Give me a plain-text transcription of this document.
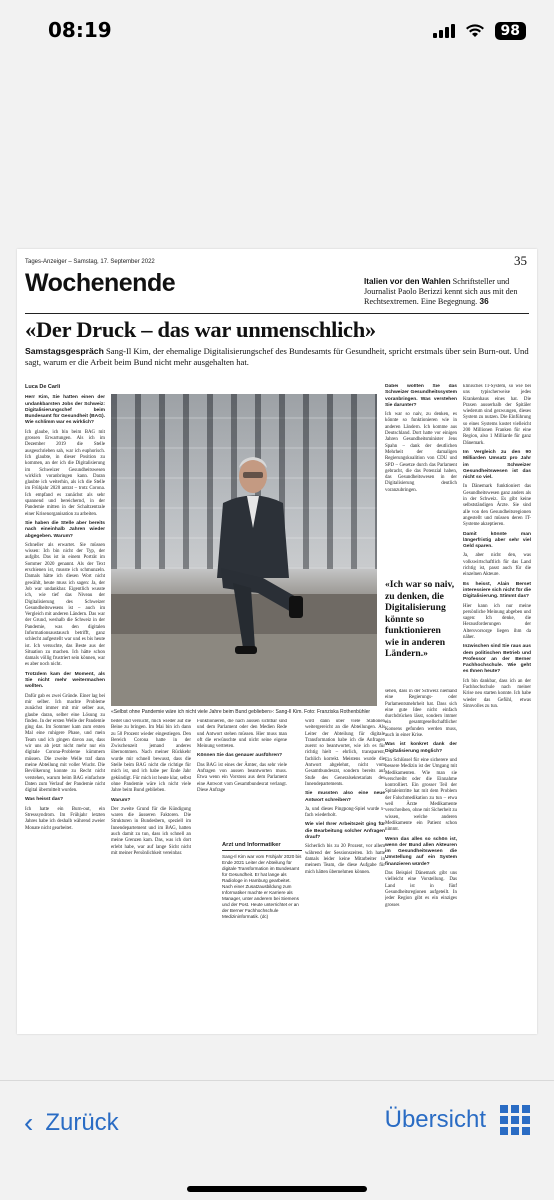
08:19	98
Tages-Anzeiger – Samstag, 17. September 2022	35
Wochenende	Italien vor den Wahlen Schriftsteller und Journalist Paolo Berizzi kennt sich aus mit den Rechtsextremen. Eine Begegnung. 36
«Der Druck – das war unmenschlich»
Samstagsgespräch Sang-Il Kim, der ehemalige Digitalisierungschef des Bundesamts für Gesundheit, spricht erstmals über sein Burn-out. Und sagt, warum er die Arbeit beim Bund nicht mehr ausgehalten hat.
Luca De Carli

Herr Kim, Sie hatten einen der undankbarsten Jobs der Schweiz: Digitalisierungschef beim Bundesamt für Gesundheit (BAG). Wie schlimm war es wirklich?

Ich glaube, ich bin beim BAG mit grossen Erwartungen. Als ich im Dezember 2019 die Stelle ausgeschrieben sah, war ich euphorisch. Ich glaubte, in dieser Position zu kommen, an der ich die Digitalisierung im Schweizer Gesundheitswesen wirklich voranbringen kann. Daran glaubte ich weiterhin, als ich die Stelle im Frühjahr 2020 antrat – trotz Corona. Ich empfand es zunächst als sehr spannend und bereichernd, in der Pandemie mitten in der Schaltzentrale einer Krisenorganisation zu arbeiten.

Sie haben die Stelle aber bereits nach eineinhalb Jahren wieder abgegeben. Warum?

Schneller als erwartet. Sie müssen wissen: Ich bin nicht der Typ, der aufgibt. Das ist in einem Porträt im Sommer 2020 genannt. Als der Text erschienen ist, musste ich schmunzeln. Damals hätte ich diesen Wort nicht gewählt, heute muss ich sagen: Ja, der Job war undankbar. Eigentlich wusste ich, wie tief das Niveau der Digitalisierung des Schweizer Gesundheitswesens ist – auch im Vergleich mit anderen Ländern. Das war der Grund, weshalb die Schweiz in der Pandemie, was den digitalen Informationsaustausch betrifft, ganz schlecht aufgestellt war und es bis heute ist. Ich versuchte, das Beste aus der Situation zu machen. Ich hätte schon damals völlig frustriert sein können, war es aber noch nicht.

Trotzdem kam der Moment, als Sie nicht mehr weitermachen wollten.

Dafür gab es zwei Gründe. Einer lag bei mir selber. Ich machte Probleme zunächst immer mit mir selber aus, glaube daran, selber eine Lösung zu finden. In der ersten Welle der Pandemie ging das. Im Sommer kam zum ersten Mal eine ruhigere Phase, und mein Team und ich gingen davon aus, dass wir uns ab jetzt nicht mehr nur ein digitale Corona-Probleme kümmern müssen. Die zweite Welle traf dann meine Abteilung mit voller Wucht. Die Bevölkerung konnte zu Recht nicht verstehen, warum beim BAG einfachste Daten zum Verlauf der Pandemie nicht digital übermittelt wurden.

Was heisst das?

Ich hatte ein Burn-out, ein Stresssyndrom. Im Frühjahr letzten Jahres habe ich deshalb während zweier Monate nicht gearbeitet.

«Selbst ohne Pandemie wäre ich nicht viele Jahre beim Bund geblieben»: Sang-Il Kim. Foto: Franziska Rothenbühler

beitet und versucht, mich wieder auf die Beine zu bringen. Im Mai bin ich dann zu 50 Prozent wieder eingestiegen. Den Bereich Corona hatte in der Zwischenzeit jemand anderes übernommen. Nach meiner Rückkehr wurde mir schnell bewusst, dass die Stelle beim BAG nicht die richtige für mich ist, und ich habe per Ende Jahr gekündigt. Für mich ist heute klar, selbst ohne Pandemie wäre ich nicht viele Jahre beim Bund geblieben.

Warum?

Der zweite Grund für die Kündigung waren die äusseren Faktoren. Die Strukturen in Bundesbern, speziell im Innendepartement und im BAG, hatten auch damit zu tun, dass ich schnell an meine Grenzen kam. Das, was ich dort erlebt habe, war auf lange Sicht nicht mit meiner Persönlichkeit vereinbar.

Funktionieren, die nach aussen sichtbar sind und dem Parlament oder den Medien Rede und Antwort stehen müssen. Hier muss man oft die erwünschte und nicht seine eigene Meinung vertreten.

Können Sie das genauer ausführen?

Das BAG ist eines der Ämter, das sehr viele Anfragen von aussen beantworten muss. Etwa wenn ein Vorstoss aus dem Parlament eine Antwort vom Gesamtbundesrat verlangt. Diese Anfrage

Arzt und Informatiker
Sang-Il Kim war vom Frühjahr 2020 bis Ende 2021 Leiter der Abteilung für digitale Transformation im Bundesamt für Gesundheit. Er hat lange als Radiologe in Hamburg gearbeitet. Nach einer Zusatzausbildung zum Informatiker machte er Karriere als Manager, unter anderem bei Siemens und der Post. Heute unterrichtet er an der Berner Fachhochschule Medizininformatik. (dc)

wird dann über viele Stationen weitergereicht an die Abteilungen. Als Leiter der Abteilung für digitale Transformation habe ich die Anfragen zuerst so beantwortet, wie ich es für richtig hielt – ehrlich, transparent, fachlich korrekt. Meistens wurde die Antwort abgelehnt, nicht vom Gesamtbundesrat, sondern bereits auf Stufe des Generalsekretariats des Innendepartements.

Sie mussten also eine neue Antwort schreiben?

Ja, und dieses Pingpong-Spiel wurde x-fach wiederholt.

Wie viel Ihrer Arbeitszeit ging für die Bearbeitung solcher Anfragen drauf?

Sicherlich bis zu 20 Prozent, vor allem während der Sessionszeiten. Ich hatte damals leider keine Mitarbeiter in meinem Team, die diese Aufgabe für mich hätten übernehmen können.

Dabei wollten Sie das Schweizer Gesundheitssystem voranbringen. Was verstehen Sie darunter?

Ich war so naiv, zu denken, es könnte so funktionieren wie in anderen Ländern. Ich komme aus Deutschland. Dort hatte vor einigen Jahren Gesundheitsminister Jens Spahn – dank der deutlichen Mehrheit der damaligen Regierungskoalition von CDU und SPD – Gesetze durch das Parlament gebracht, die das Potenzial haben, das Gesundheitswesen in der Digitalisierung deutlich voranzubringen.

«Ich war so naiv, zu denken, die Digitalisierung könnte so funktionieren wie in anderen Ländern.»

sehen, dass in der Schweiz niemand eine Regierungs- oder Parlamentsmehrheit hat. Dass sich eine gute Idee nicht einfach durchdrücken lässt, sondern immer ein gesamtgesellschaftlicher Konsens gefunden werden muss, auch in einer Krise.

Was ist konkret dank der Digitalisierung möglich?

Ein Schlüssel für eine sicherere und bessere Medizin ist der Umgang mit Medikamenten. Wie man sie verschreibt oder die Einnahme kontrolliert. Ein grosser Teil der Spitaleintritte hat mit dem Problem der Falschmedikation zu tun – etwa weil Ärzte Medikamente verschreiben, ohne mit Sicherheit zu wissen, welche anderen Medikamente ein Patient schon nimmt.

Wenn das alles so schön ist, wenn der Bund allen Akteuren im Gesundheitswesen die Umstellung auf ein System finanzieren würde?

Das Beispiel Dänemark gibt uns vielleicht eine Vorstellung. Das Land ist in fünf Gesundheitsregionen aufgeteilt. In jeder Region gibt es ein einziges grosses

klinisches IT-System, so wie bei uns typischerweise jedes Krankenhaus eines hat. Die Praxen ausserhalb der Spitäler wiederum sind gezwungen, dieses System zu nutzen. Die Einführung so eines Systems kostet vielleicht 200 Millionen Franken für eine Region, also 1 Milliarde für ganz Dänemark.

Im Vergleich zu den 90 Milliarden Umsatz pro Jahr im Schweizer Gesundheitswesen ist das nicht so viel.

In Dänemark funktioniert das Gesundheitswesen ganz anders als in der Schweiz. Es gibt keine selbstständigen Ärzte. Sie sind alle von den Gesundheitsregionen angestellt und müssen deren IT-Systeme akzeptieren.

Damit könnte man längerfristig aber sehr viel Geld sparen.

Ja, aber nicht den, was volkswirtschaftlich für das Land richtig ist, passt auch für die einzelnen Akteure.

Es heisst, Alain Berset interessiere sich nicht für die Digitalisierung. Stimmt das?

Hier kann ich nur meine persönliche Meinung abgeben und sagen: Ich denke, die Herausforderungen der Altersvorsorge liegen ihm da näher.

Inzwischen sind Sie raus aus dem politischen Betrieb und Professor an der Berner Fachhochschule. Wie geht es Ihnen heute?

Ich bin dankbar, dass ich an der Fachhochschule nach meiner Krise neu starten konnte. Ich habe wieder das Gefühl, etwas Sinnvolles zu tun.

‹ Zurück	Übersicht
